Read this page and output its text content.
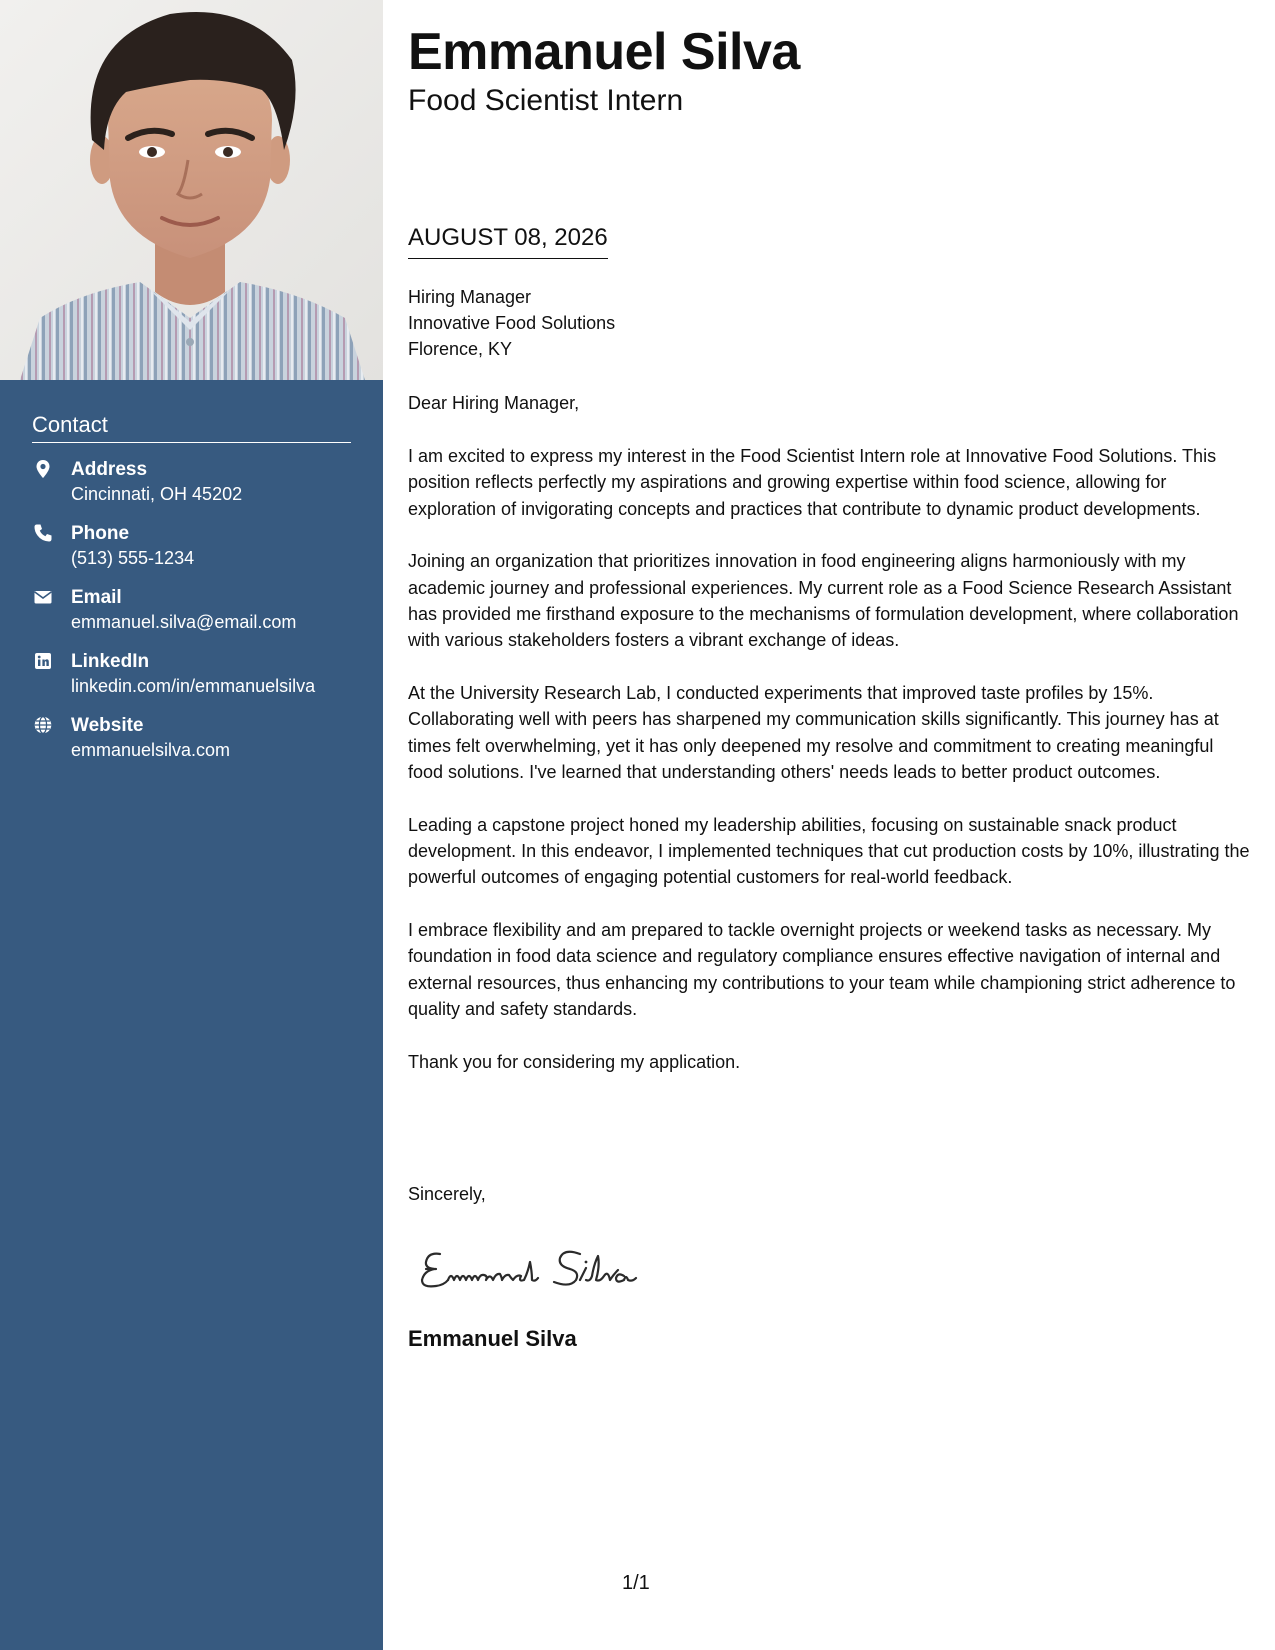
Contact
Address
Cincinnati, OH 45202
Phone
(513) 555-1234
Email
emmanuel.silva@email.com
LinkedIn
linkedin.com/in/emmanuelsilva
Website
emmanuelsilva.com
Emmanuel Silva
Food Scientist Intern
AUGUST 08, 2026
Hiring Manager
Innovative Food Solutions
Florence, KY
Dear Hiring Manager,

I am excited to express my interest in the Food Scientist Intern role at Innovative Food Solutions. This position reflects perfectly my aspirations and growing expertise within food science, allowing for exploration of invigorating concepts and practices that contribute to dynamic product developments.

Joining an organization that prioritizes innovation in food engineering aligns harmoniously with my academic journey and professional experiences. My current role as a Food Science Research Assistant has provided me firsthand exposure to the mechanisms of formulation development, where collaboration with various stakeholders fosters a vibrant exchange of ideas.

At the University Research Lab, I conducted experiments that improved taste profiles by 15%. Collaborating well with peers has sharpened my communication skills significantly. This journey has at times felt overwhelming, yet it has only deepened my resolve and commitment to creating meaningful food solutions. I've learned that understanding others' needs leads to better product outcomes.

Leading a capstone project honed my leadership abilities, focusing on sustainable snack product development. In this endeavor, I implemented techniques that cut production costs by 10%, illustrating the powerful outcomes of engaging potential customers for real-world feedback.

I embrace flexibility and am prepared to tackle overnight projects or weekend tasks as necessary. My foundation in food data science and regulatory compliance ensures effective navigation of internal and external resources, thus enhancing my contributions to your team while championing strict adherence to quality and safety standards.

Thank you for considering my application.

Sincerely,
Emmanuel Silva
1/1
